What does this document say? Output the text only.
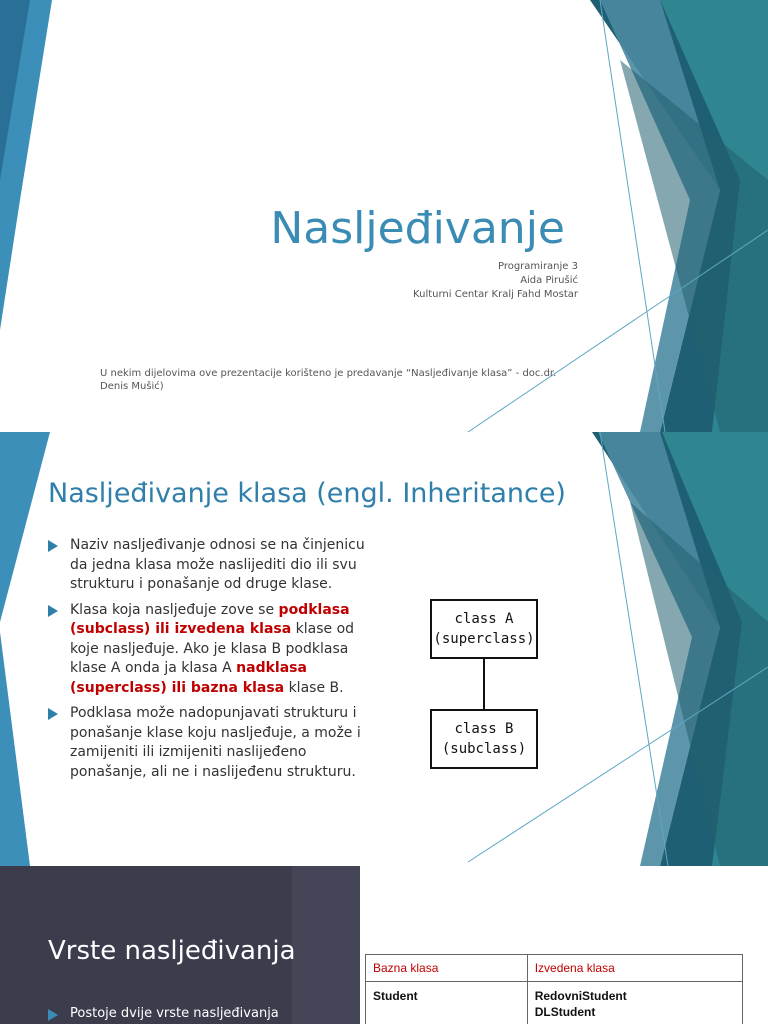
Nasljeđivanje
Programiranje 3
Aida Pirušić
Kulturni Centar Kralj Fahd Mostar
U nekim dijelovima ove prezentacije korišteno je predavanje “Nasljeđivanje klasa” - doc.dr. Denis Mušić)
Nasljeđivanje klasa (engl. Inheritance)
Naziv nasljeđivanje odnosi se na činjenicu da jedna klasa može naslijediti dio ili svu strukturu i ponašanje od druge klase.
Klasa koja nasljeđuje zove se podklasa (subclass) ili izvedena klasa klase od koje nasljeđuje. Ako je klasa B podklasa klase A onda ja klasa A nadklasa (superclass) ili bazna klasa klase B.
Podklasa može nadopunjavati strukturu i ponašanje klase koju nasljeđuje, a može i zamijeniti ili izmijeniti naslijeđeno ponašanje, ali ne i naslijeđenu strukturu.
class A
(superclass)
class B
(subclass)
Vrste nasljeđivanja
Postoje dvije vrste nasljeđivanja
Bazna klasa	Izvedena klasa

Student	RedovniStudent
DLStudent
